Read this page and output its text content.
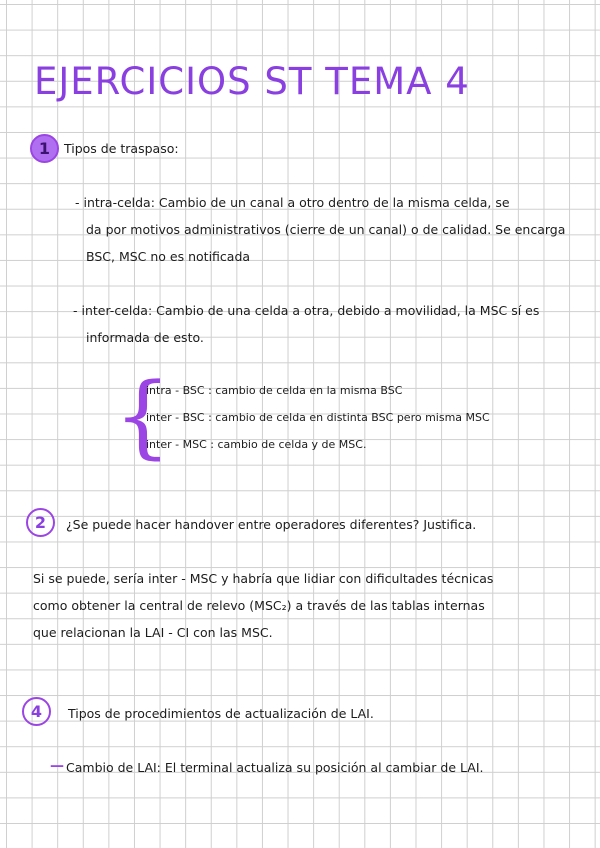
EJERCICIOS ST TEMA 4
1	Tipos de traspaso:
- intra-celda: Cambio de un canal a otro dentro de la misma celda, se
da por motivos administrativos (cierre de un canal) o de calidad. Se encarga
BSC, MSC no es notificada
- inter-celda: Cambio de una celda a otra, debido a movilidad, la MSC sí es
informada de esto.
{
intra - BSC : cambio de celda en la misma BSC
inter - BSC : cambio de celda en distinta BSC pero misma MSC
inter - MSC : cambio de celda y de MSC.
2	¿Se puede hacer handover entre operadores diferentes? Justifica.
Si se puede, sería inter - MSC y habría que lidiar con dificultades técnicas
como obtener la central de relevo (MSC₂) a través de las tablas internas
que relacionan la LAI - CI con las MSC.
4	Tipos de procedimientos de actualización de LAI.
— Cambio de LAI: El terminal actualiza su posición al cambiar de LAI.
